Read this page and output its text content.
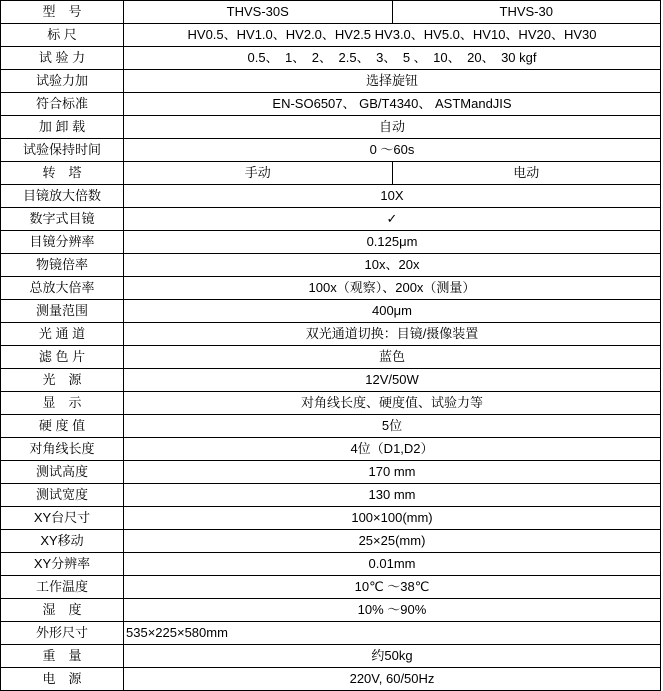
型　号	THVS-30S	THVS-30
标 尺	HV0.5、HV1.0、HV2.0、HV2.5 HV3.0、HV5.0、HV10、HV20、HV30	
试 验 力	0.5、　1、　2、　2.5、　3、　5 、　10、　20、　30 kgf	
试验力加	选择旋钮	
符合标准	EN-SO6507、 GB/T4340、 ASTMandJIS	
加 卸 载	自动	
试验保持时间	0 ～60s	
转　塔	手动	电动
目镜放大倍数	10X	
数字式目镜	✓	
目镜分辨率	0.125μm	
物镜倍率	10x、20x	
总放大倍率	100x（观察）、200x（测量）	
测量范围	400μm	
光 通 道	双光通道切换：目镜/摄像装置	
滤 色 片	蓝色	
光　源	12V/50W	
显　示	对角线长度、硬度值、试验力等	
硬 度 值	5位	
对角线长度	4位（D1,D2）	
测试高度	170 mm	
测试宽度	130 mm	
XY台尺寸	100×100(mm)	
XY移动	25×25(mm)	
XY分辨率	0.01mm	
工作温度	10℃ ～38℃	
湿　度	10% ～90%	
外形尺寸	535×225×580mm	
重　量	约50kg	
电　源	220V, 60/50Hz	
